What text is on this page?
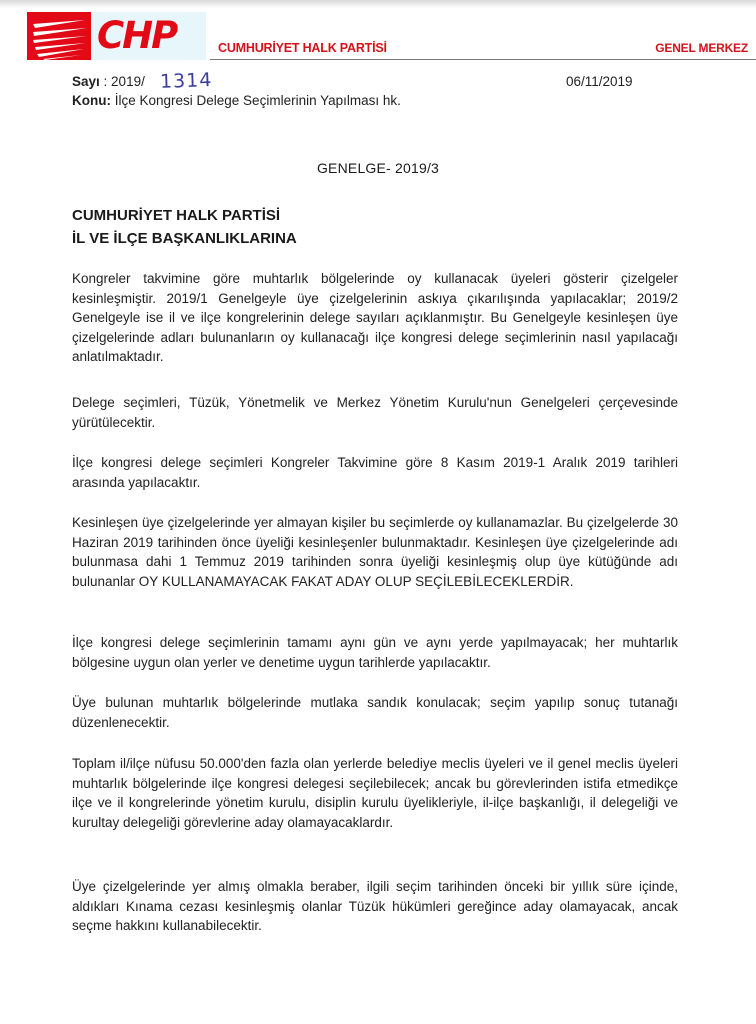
CHP	CUMHURİYET HALK PARTİSİ	GENEL MERKEZ
Sayı : 2019/ 1314	06/11/2019
Konu: İlçe Kongresi Delege Seçimlerinin Yapılması hk.
GENELGE- 2019/3
CUMHURİYET HALK PARTİSİ
İL VE İLÇE BAŞKANLIKLARINA

Kongreler takvimine göre muhtarlık bölgelerinde oy kullanacak üyeleri gösterir çizelgeler kesinleşmiştir. 2019/1 Genelgeyle üye çizelgelerinin askıya çıkarılışında yapılacaklar; 2019/2 Genelgeyle ise il ve ilçe kongrelerinin delege sayıları açıklanmıştır. Bu Genelgeyle kesinleşen üye çizelgelerinde adları bulunanların oy kullanacağı ilçe kongresi delege seçimlerinin nasıl yapılacağı anlatılmaktadır.

Delege seçimleri, Tüzük, Yönetmelik ve Merkez Yönetim Kurulu'nun Genelgeleri çerçevesinde yürütülecektir.

İlçe kongresi delege seçimleri Kongreler Takvimine göre 8 Kasım 2019-1 Aralık 2019 tarihleri arasında yapılacaktır.

Kesinleşen üye çizelgelerinde yer almayan kişiler bu seçimlerde oy kullanamazlar. Bu çizelgelerde 30 Haziran 2019 tarihinden önce üyeliği kesinleşenler bulunmaktadır. Kesinleşen üye çizelgelerinde adı bulunmasa dahi 1 Temmuz 2019 tarihinden sonra üyeliği kesinleşmiş olup üye kütüğünde adı bulunanlar OY KULLANAMAYACAK FAKAT ADAY OLUP SEÇİLEBİLECEKLERDİR.

İlçe kongresi delege seçimlerinin tamamı aynı gün ve aynı yerde yapılmayacak; her muhtarlık bölgesine uygun olan yerler ve denetime uygun tarihlerde yapılacaktır.

Üye bulunan muhtarlık bölgelerinde mutlaka sandık konulacak; seçim yapılıp sonuç tutanağı düzenlenecektir.

Toplam il/ilçe nüfusu 50.000'den fazla olan yerlerde belediye meclis üyeleri ve il genel meclis üyeleri muhtarlık bölgelerinde ilçe kongresi delegesi seçilebilecek; ancak bu görevlerinden istifa etmedikçe ilçe ve il kongrelerinde yönetim kurulu, disiplin kurulu üyelikleriyle, il-ilçe başkanlığı, il delegeliği ve kurultay delegeliği görevlerine aday olamayacaklardır.

Üye çizelgelerinde yer almış olmakla beraber, ilgili seçim tarihinden önceki bir yıllık süre içinde, aldıkları Kınama cezası kesinleşmiş olanlar Tüzük hükümleri gereğince aday olamayacak, ancak seçme hakkını kullanabilecektir.
